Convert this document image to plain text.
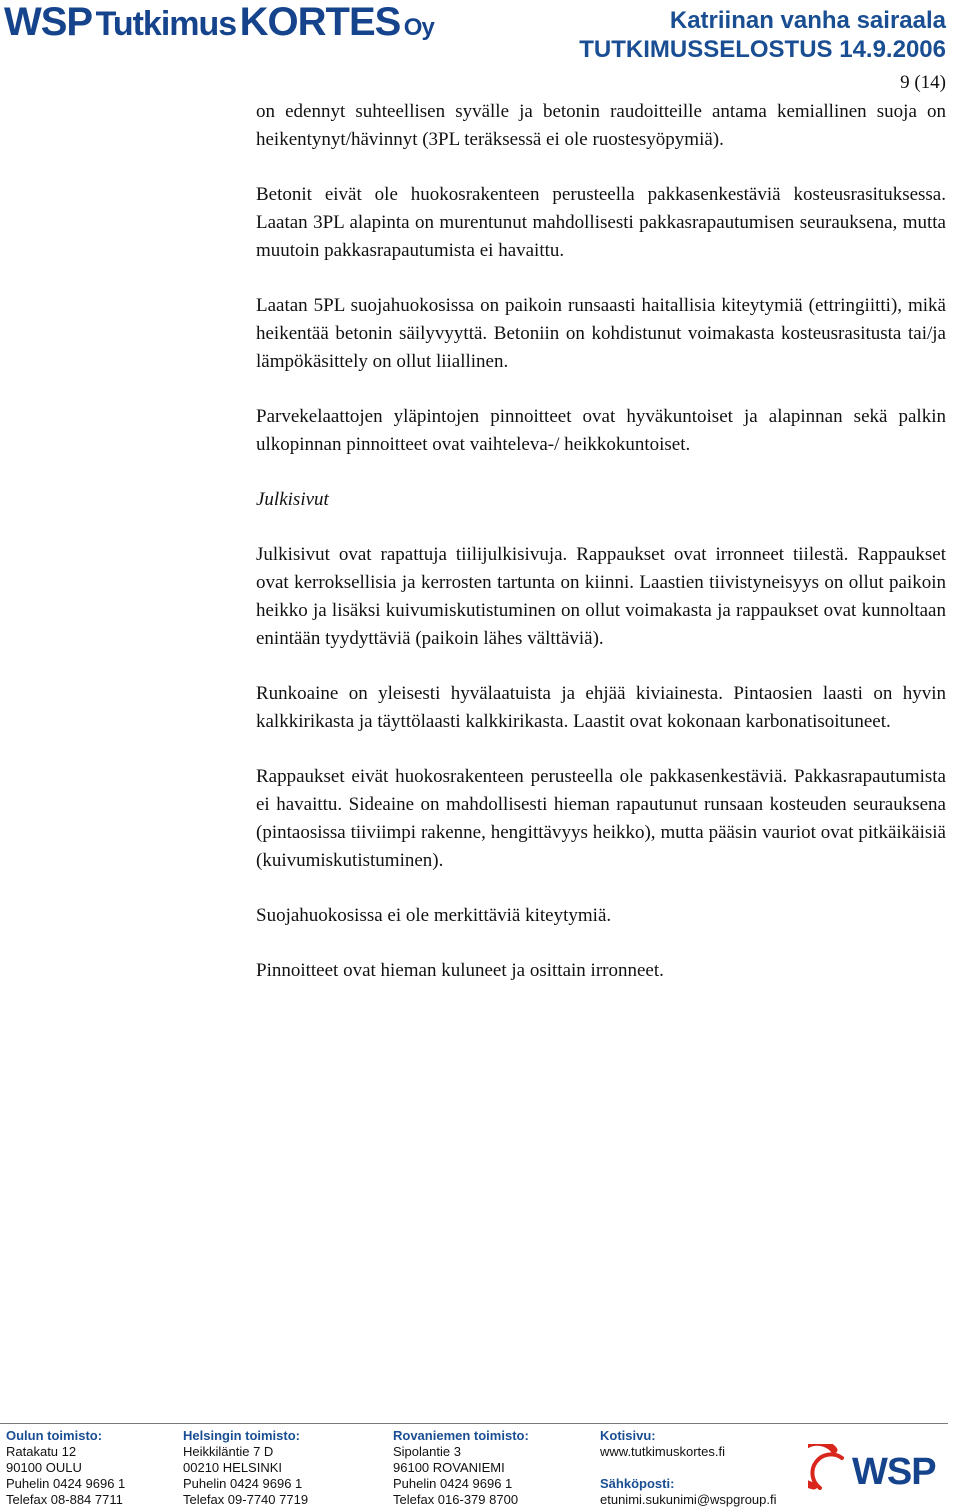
WSP Tutkimus KORTES Oy	Katriinan vanha sairaala
TUTKIMUSSELOSTUS 14.9.2006
9 (14)

on edennyt suhteellisen syvälle ja betonin raudoitteille antama kemiallinen suoja on heikentynyt/hävinnyt (3PL teräksessä ei ole ruostesyöpymiä).

Betonit eivät ole huokosrakenteen perusteella pakkasenkestäviä kosteusrasituksessa. Laatan 3PL alapinta on murentunut mahdollisesti pakkasrapautumisen seurauksena, mutta muutoin pakkasrapautumista ei havaittu.

Laatan 5PL suojahuokosissa on paikoin runsaasti haitallisia kiteytymiä (ettringiitti), mikä heikentää betonin säilyvyyttä. Betoniin on kohdistunut voimakasta kosteusrasitusta tai/ja lämpökäsittely on ollut liiallinen.

Parvekelaattojen yläpintojen pinnoitteet ovat hyväkuntoiset ja alapinnan sekä palkin ulkopinnan pinnoitteet ovat vaihteleva-/ heikkokuntoiset.

Julkisivut

Julkisivut ovat rapattuja tiilijulkisivuja. Rappaukset ovat irronneet tiilestä. Rappaukset ovat kerroksellisia ja kerrosten tartunta on kiinni. Laastien tiivistyneisyys on ollut paikoin heikko ja lisäksi kuivumiskutistuminen on ollut voimakasta ja rappaukset ovat kunnoltaan enintään tyydyttäviä (paikoin lähes välttäviä).

Runkoaine on yleisesti hyvälaatuista ja ehjää kiviainesta. Pintaosien laasti on hyvin kalkkirikasta ja täyttölaasti kalkkirikasta. Laastit ovat kokonaan karbonatisoituneet.

Rappaukset eivät huokosrakenteen perusteella ole pakkasenkestäviä. Pakkasrapautumista ei havaittu. Sideaine on mahdollisesti hieman rapautunut runsaan kosteuden seurauksena (pintaosissa tiiviimpi rakenne, hengittävyys heikko), mutta pääsin vauriot ovat pitkäikäisiä (kuivumiskutistuminen).

Suojahuokosissa ei ole merkittäviä kiteytymiä.

Pinnoitteet ovat hieman kuluneet ja osittain irronneet.

Oulun toimisto:
Ratakatu 12
90100 OULU
Puhelin 0424 9696 1
Telefax 08-884 7711
Helsingin toimisto:
Heikkiläntie 7 D
00210 HELSINKI
Puhelin 0424 9696 1
Telefax 09-7740 7719
Rovaniemen toimisto:
Sipolantie 3
96100 ROVANIEMI
Puhelin 0424 9696 1
Telefax 016-379 8700
Kotisivu:
www.tutkimuskortes.fi
Sähköposti:
etunimi.sukunimi@wspgroup.fi
WSP
